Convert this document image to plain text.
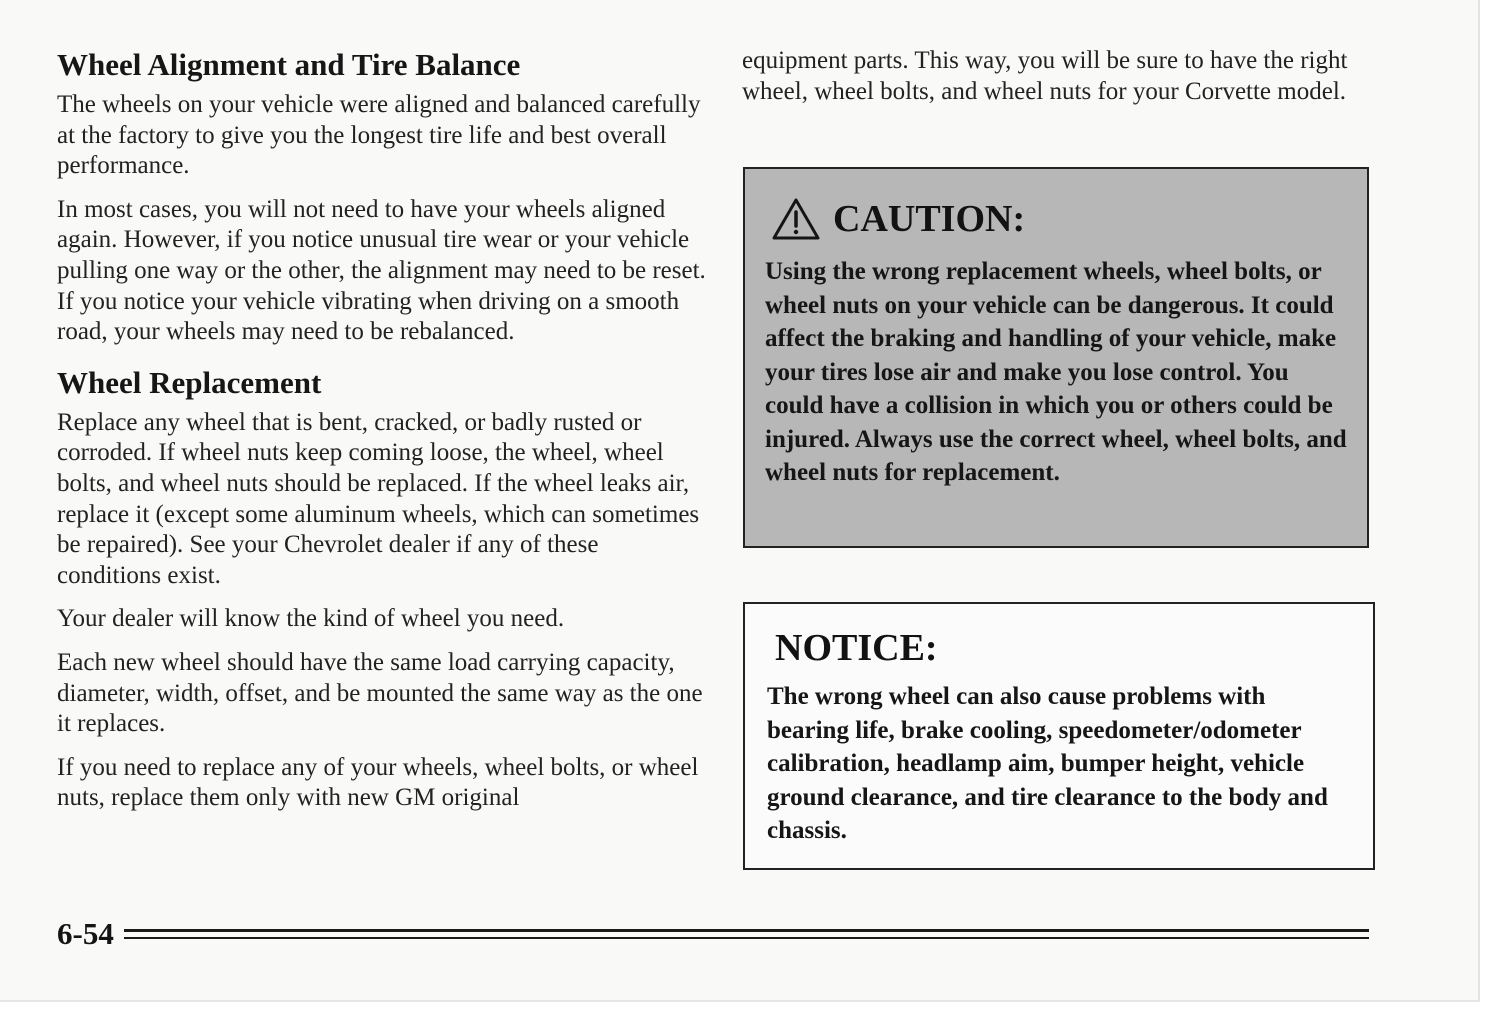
Wheel Alignment and Tire Balance

The wheels on your vehicle were aligned and balanced carefully at the factory to give you the longest tire life and best overall performance.

In most cases, you will not need to have your wheels aligned again. However, if you notice unusual tire wear or your vehicle pulling one way or the other, the alignment may need to be reset. If you notice your vehicle vibrating when driving on a smooth road, your wheels may need to be rebalanced.

Wheel Replacement

Replace any wheel that is bent, cracked, or badly rusted or corroded. If wheel nuts keep coming loose, the wheel, wheel bolts, and wheel nuts should be replaced. If the wheel leaks air, replace it (except some aluminum wheels, which can sometimes be repaired). See your Chevrolet dealer if any of these conditions exist.

Your dealer will know the kind of wheel you need.

Each new wheel should have the same load carrying capacity, diameter, width, offset, and be mounted the same way as the one it replaces.

If you need to replace any of your wheels, wheel bolts, or wheel nuts, replace them only with new GM original

equipment parts. This way, you will be sure to have the right wheel, wheel bolts, and wheel nuts for your Corvette model.

CAUTION:

Using the wrong replacement wheels, wheel bolts, or wheel nuts on your vehicle can be dangerous. It could affect the braking and handling of your vehicle, make your tires lose air and make you lose control. You could have a collision in which you or others could be injured. Always use the correct wheel, wheel bolts, and wheel nuts for replacement.

NOTICE:

The wrong wheel can also cause problems with bearing life, brake cooling, speedometer/odometer calibration, headlamp aim, bumper height, vehicle ground clearance, and tire clearance to the body and chassis.

6-54
